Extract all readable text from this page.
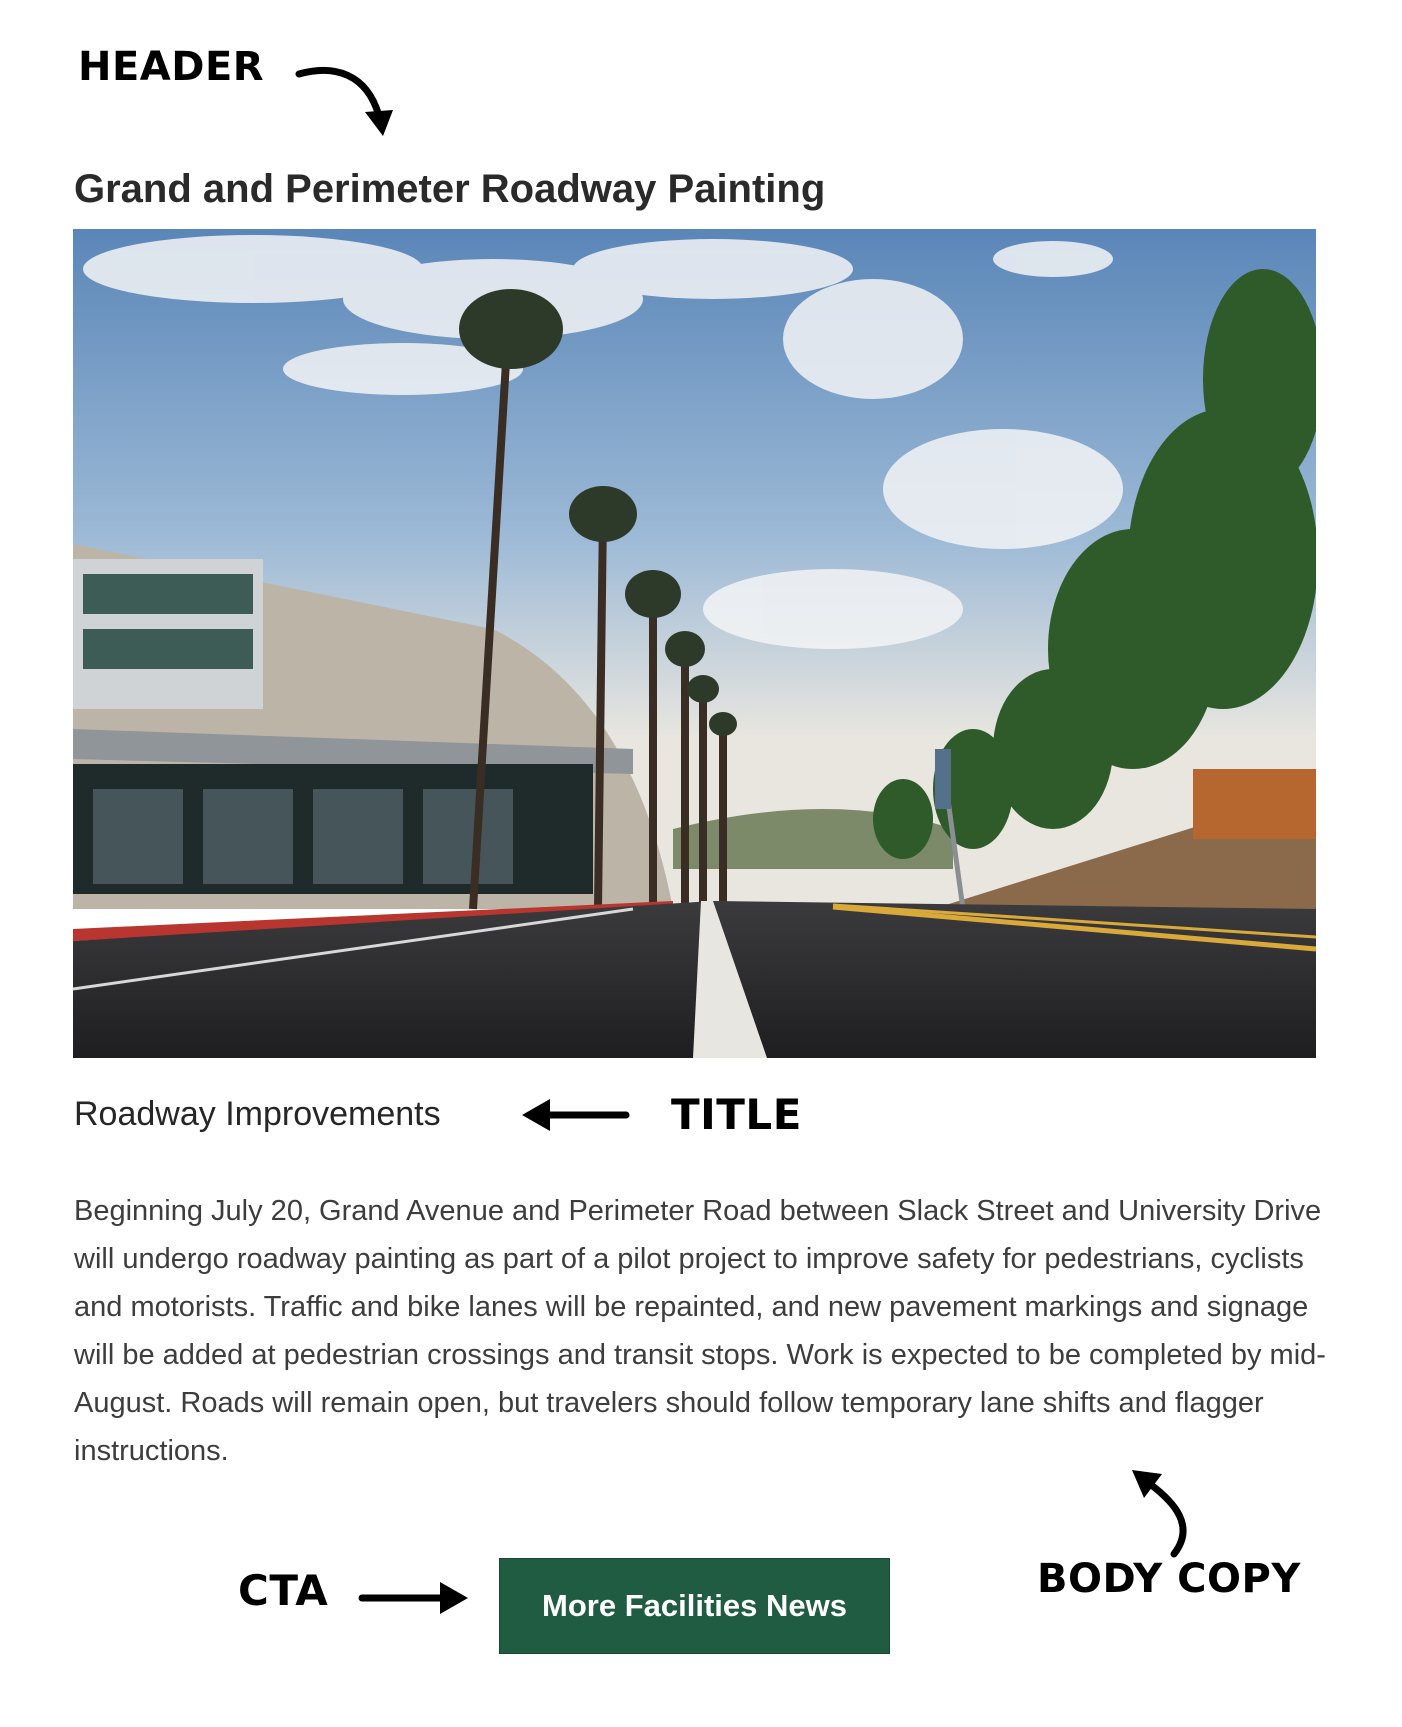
HEADER
TITLE
CTA	BODY COPY
Grand and Perimeter Roadway Painting
Roadway Improvements

Beginning July 20, Grand Avenue and Perimeter Road between Slack Street and University Drive will undergo roadway painting as part of a pilot project to improve safety for pedestrians, cyclists and motorists. Traffic and bike lanes will be repainted, and new pavement markings and signage will be added at pedestrian crossings and transit stops. Work is expected to be completed by mid-August. Roads will remain open, but travelers should follow temporary lane shifts and flagger instructions.

More Facilities News
